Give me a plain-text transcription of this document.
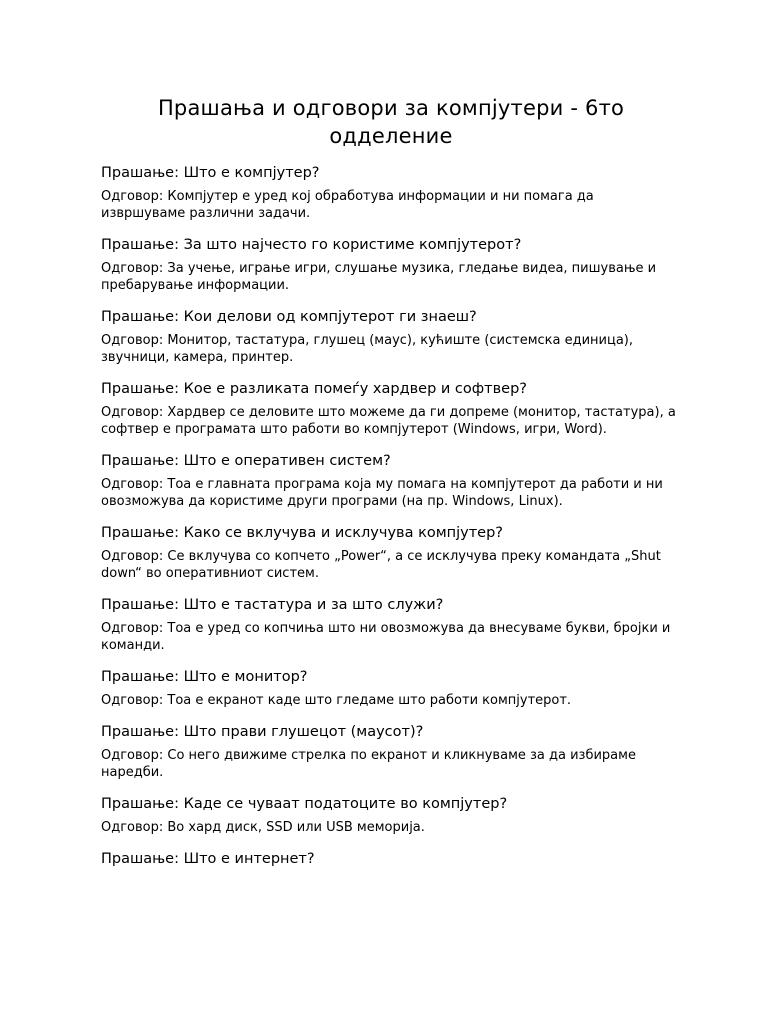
Прашања и одговори за компјутери - 6то одделение

Прашање: Што е компјутер?

Одговор: Компјутер е уред кој обработува информации и ни помага да извршуваме различни задачи.

Прашање: За што најчесто го користиме компјутерот?

Одговор: За учење, играње игри, слушање музика, гледање видеа, пишување и пребарување информации.

Прашање: Кои делови од компјутерот ги знаеш?

Одговор: Монитор, тастатура, глушец (маус), кућиште (системска единица), звучници, камера, принтер.

Прашање: Кое е разликата помеѓу хардвер и софтвер?

Одговор: Хардвер се деловите што можеме да ги допреме (монитор, тастатура), а софтвер е програмата што работи во компјутерот (Windows, игри, Word).

Прашање: Што е оперативен систем?

Одговор: Тоа е главната програма која му помага на компјутерот да работи и ни овозможува да користиме други програми (на пр. Windows, Linux).

Прашање: Како се вклучува и исклучува компјутер?

Одговор: Се вклучува со копчето „Power“, а се исклучува преку командата „Shut down“ во оперативниот систем.

Прашање: Што е тастатура и за што служи?

Одговор: Тоа е уред со копчиња што ни овозможува да внесуваме букви, бројки и команди.

Прашање: Што е монитор?

Одговор: Тоа е екранот каде што гледаме што работи компјутерот.

Прашање: Што прави глушецот (маусот)?

Одговор: Со него движиме стрелка по екранот и кликнуваме за да избираме наредби.

Прашање: Каде се чуваат податоците во компјутер?

Одговор: Во хард диск, SSD или USB меморија.

Прашање: Што е интернет?
